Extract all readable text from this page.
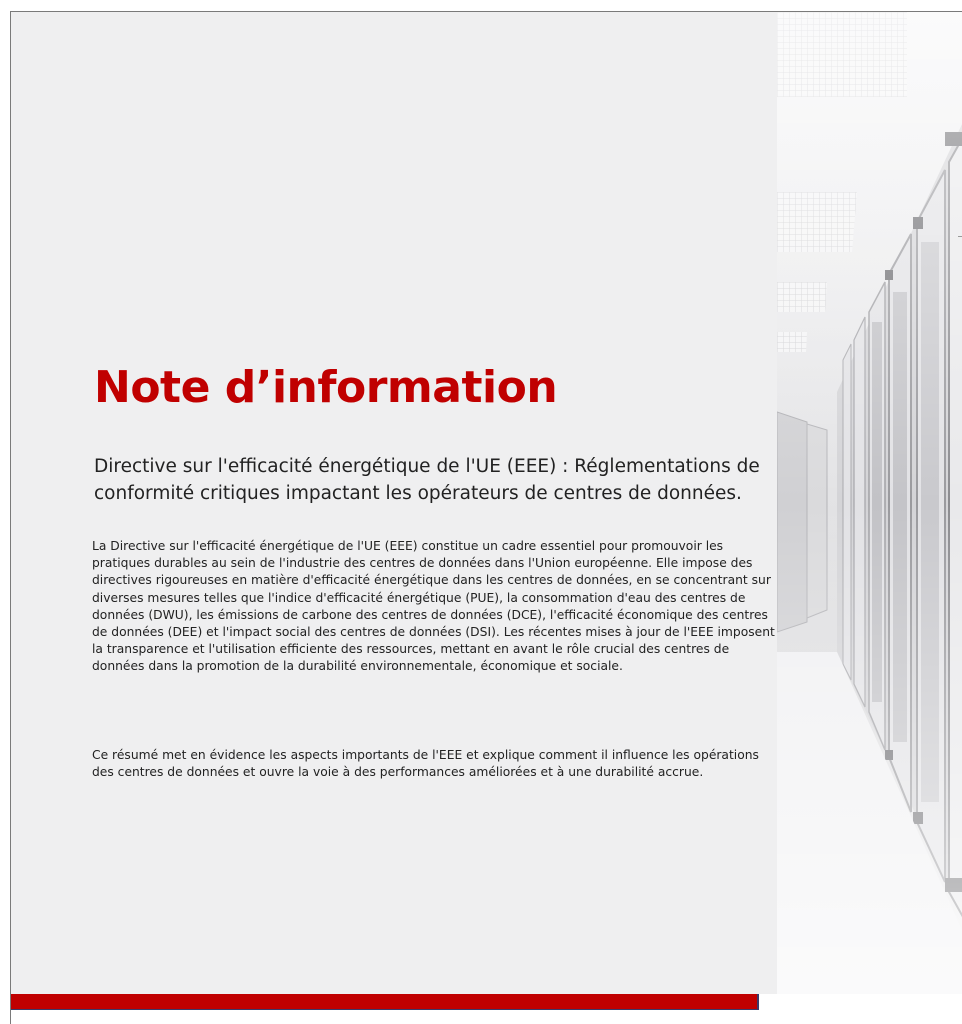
Note d’information

Directive sur l'efficacité énergétique de l'UE (EEE) : Réglementations de conformité critiques impactant les opérateurs de centres de données.

La Directive sur l'efficacité énergétique de l'UE (EEE) constitue un cadre essentiel pour promouvoir les pratiques durables au sein de l'industrie des centres de données dans l'Union européenne. Elle impose des directives rigoureuses en matière d'efficacité énergétique dans les centres de données, en se concentrant sur diverses mesures telles que l'indice d'efficacité énergétique (PUE), la consommation d'eau des centres de données (DWU), les émissions de carbone des centres de données (DCE), l'efficacité économique des centres de données (DEE) et l'impact social des centres de données (DSI). Les récentes mises à jour de l'EEE imposent la transparence et l'utilisation efficiente des ressources, mettant en avant le rôle crucial des centres de données dans la promotion de la durabilité environnementale, économique et sociale.

Ce résumé met en évidence les aspects importants de l'EEE et explique comment il influence les opérations des centres de données et ouvre la voie à des performances améliorées et à une durabilité accrue.
